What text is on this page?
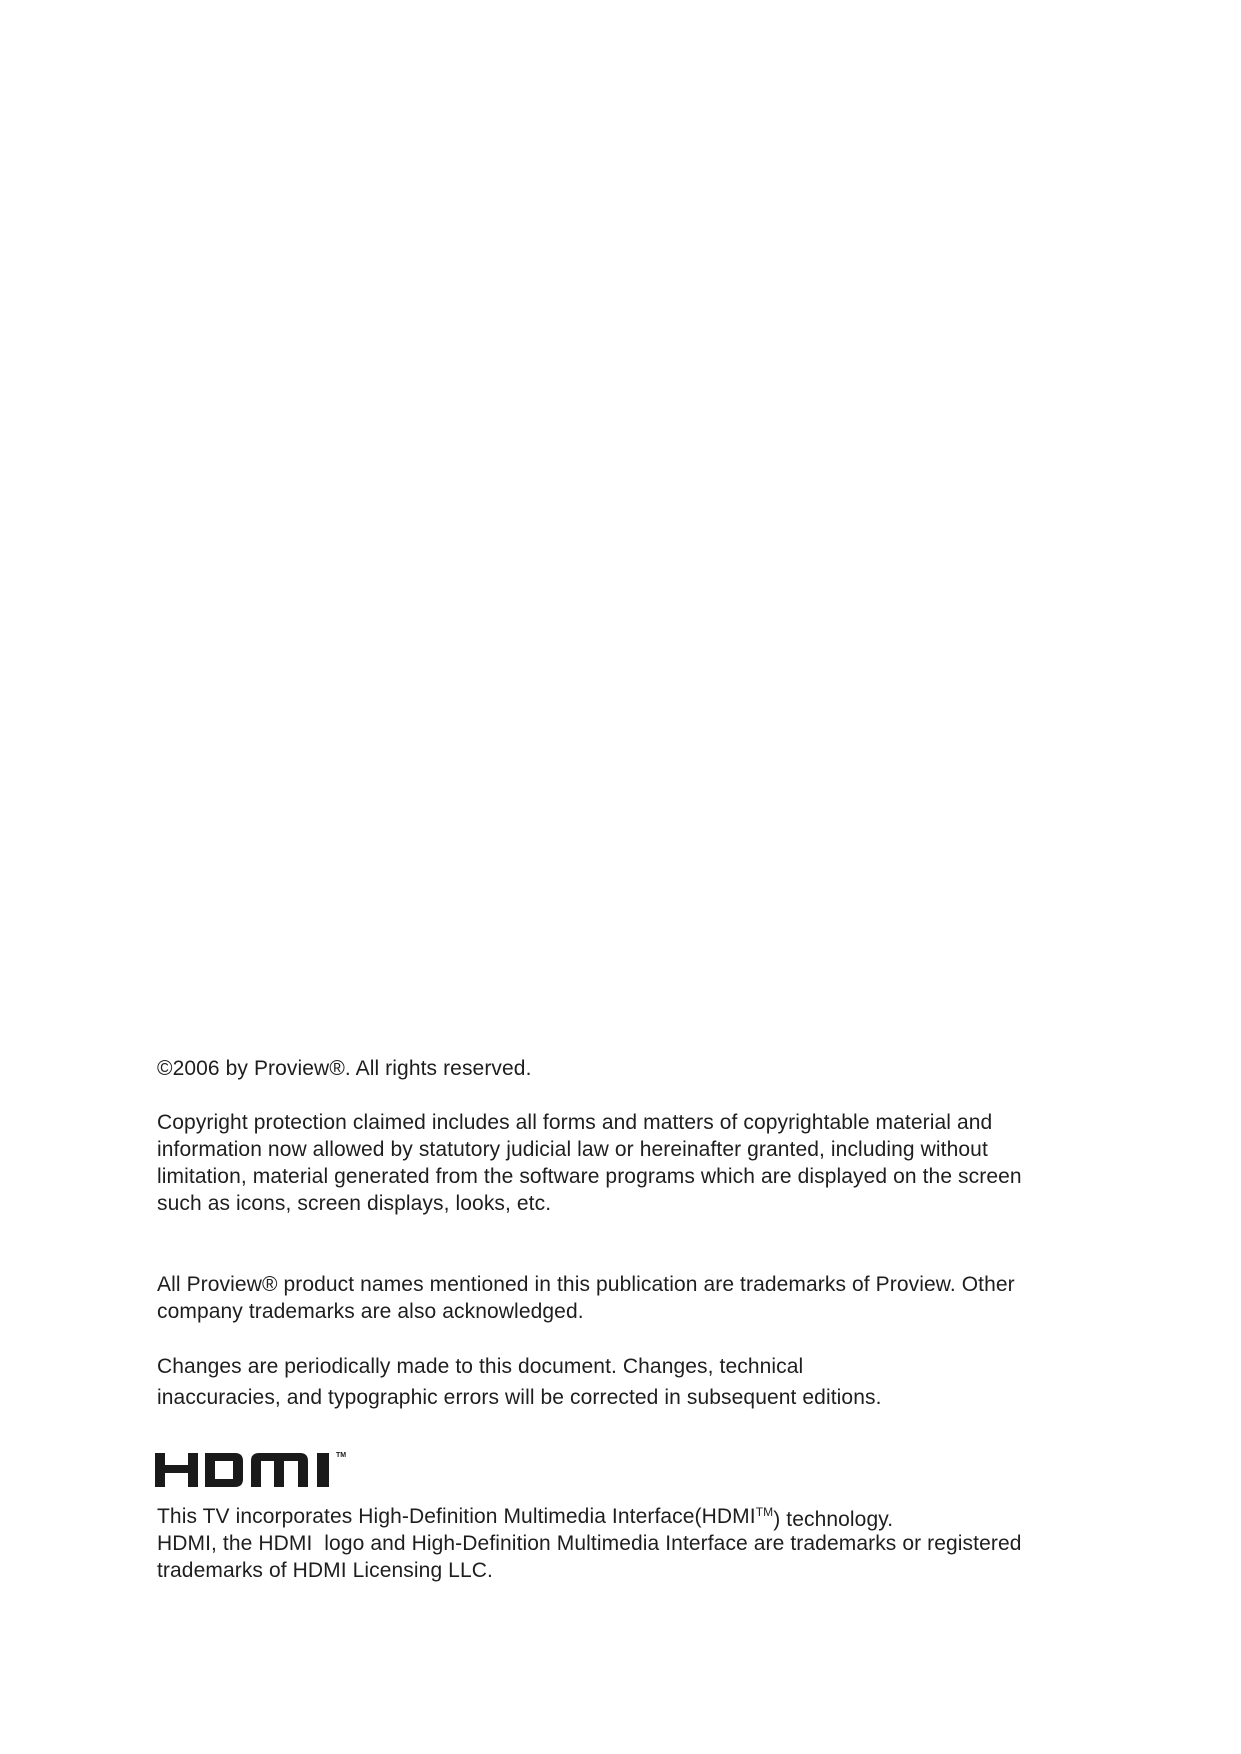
©2006 by Proview®. All rights reserved.

Copyright protection claimed includes all forms and matters of copyrightable material and

information now allowed by statutory judicial law or hereinafter granted, including without

limitation, material generated from the software programs which are displayed on the screen

such as icons, screen displays, looks, etc.

All Proview® product names mentioned in this publication are trademarks of Proview. Other

company trademarks are also acknowledged.

Changes are periodically made to this document. Changes, technical

inaccuracies, and typographic errors will be corrected in subsequent editions.

TM

This TV incorporates High-Definition Multimedia Interface(HDMI™) technology.

HDMI, the HDMI  logo and High-Definition Multimedia Interface are trademarks or registered

trademarks of HDMI Licensing LLC.
